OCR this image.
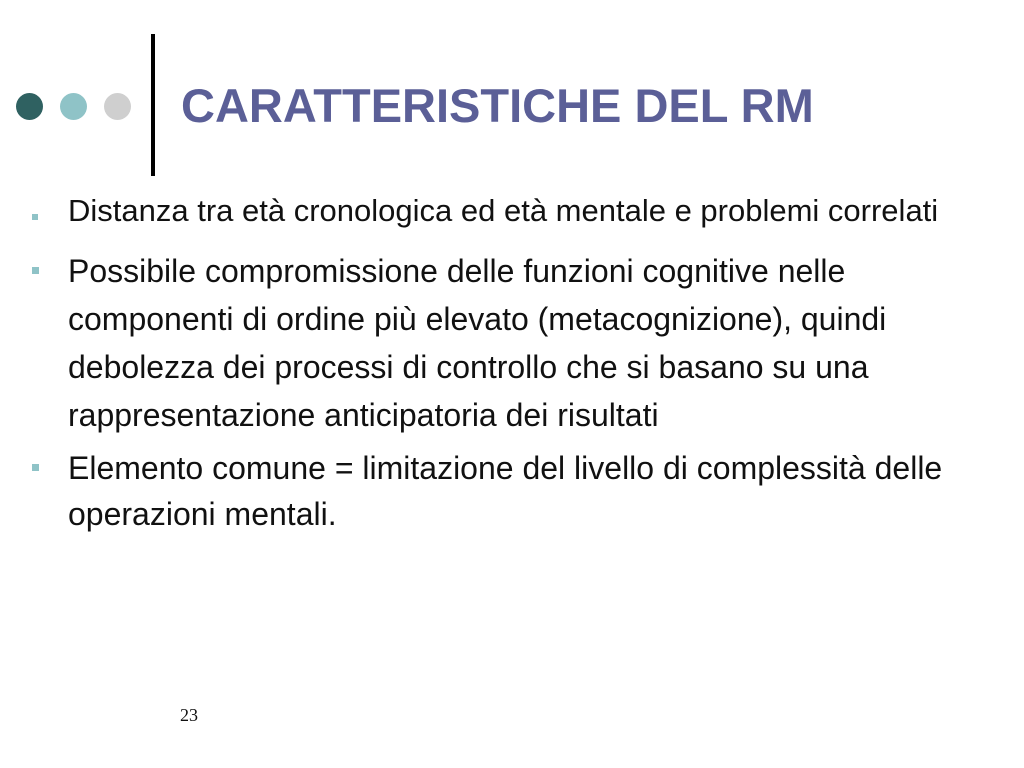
CARATTERISTICHE DEL RM
Distanza tra età cronologica ed età mentale e problemi correlati
Possibile compromissione delle funzioni cognitive nelle componenti di ordine più elevato (metacognizione), quindi debolezza dei processi di controllo che si basano su una rappresentazione anticipatoria dei risultati
Elemento comune = limitazione del livello di complessità delle operazioni mentali.
23
